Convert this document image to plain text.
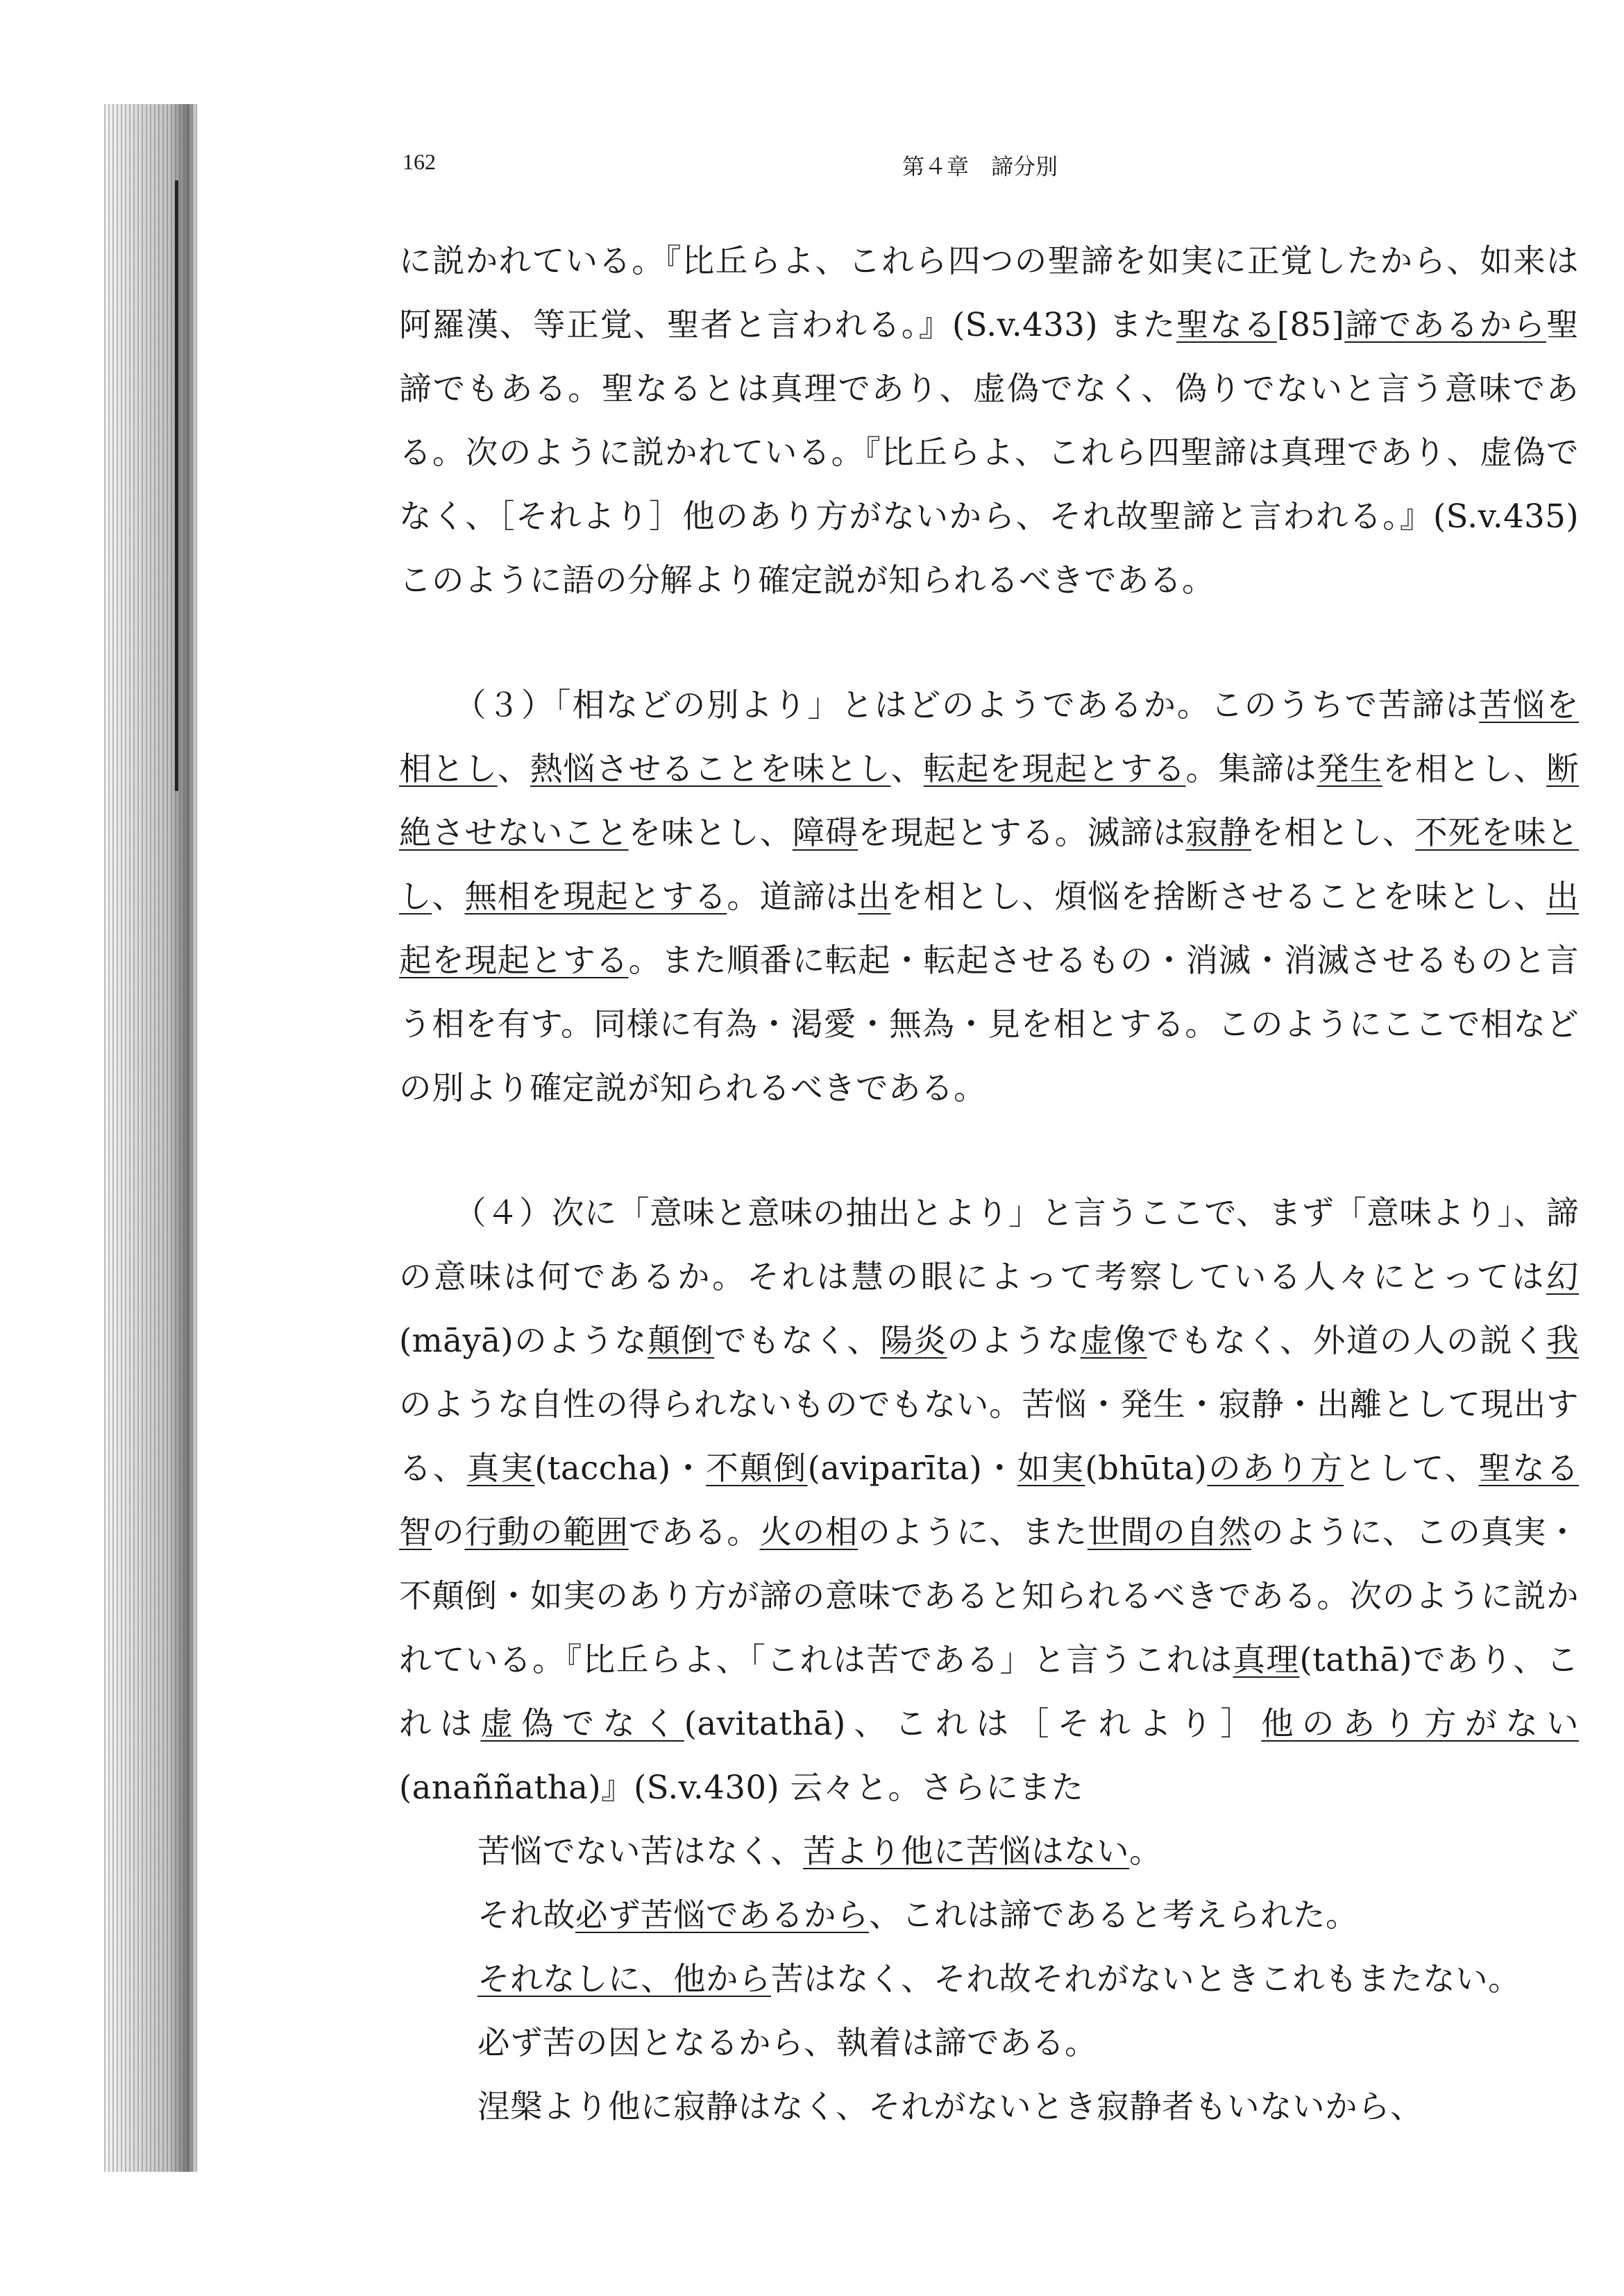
162	第４章　諦分別

に説かれている。『比丘らよ、これら四つの聖諦を如実に正覚したから、如来は阿羅漢、等正覚、聖者と言われる。』(S.v.433) また聖なる[85]諦であるから聖諦でもある。聖なるとは真理であり、虚偽でなく、偽りでないと言う意味である。次のように説かれている。『比丘らよ、これら四聖諦は真理であり、虚偽でなく、［それより］他のあり方がないから、それ故聖諦と言われる。』(S.v.435) このように語の分解より確定説が知られるべきである。

（３）「相などの別より」とはどのようであるか。このうちで苦諦は苦悩を相とし、熱悩させることを味とし、転起を現起とする。集諦は発生を相とし、断絶させないことを味とし、障碍を現起とする。滅諦は寂静を相とし、不死を味とし、無相を現起とする。道諦は出を相とし、煩悩を捨断させることを味とし、出起を現起とする。また順番に転起・転起させるもの・消滅・消滅させるものと言う相を有す。同様に有為・渇愛・無為・見を相とする。このようにここで相などの別より確定説が知られるべきである。

（４）次に「意味と意味の抽出とより」と言うここで、まず「意味より」、諦の意味は何であるか。それは慧の眼によって考察している人々にとっては幻(māyā)のような顛倒でもなく、陽炎のような虚像でもなく、外道の人の説く我のような自性の得られないものでもない。苦悩・発生・寂静・出離として現出する、真実(taccha)・不顛倒(aviparīta)・如実(bhūta)のあり方として、聖なる智の行動の範囲である。火の相のように、また世間の自然のように、この真実・不顛倒・如実のあり方が諦の意味であると知られるべきである。次のように説かれている。『比丘らよ、「これは苦である」と言うこれは真理(tathā)であり、これは虚偽でなく(avitathā)、これは［それより］他のあり方がない(anaññatha)』(S.v.430) 云々と。さらにまた

苦悩でない苦はなく、苦より他に苦悩はない。
それ故必ず苦悩であるから、これは諦であると考えられた。
それなしに、他から苦はなく、それ故それがないときこれもまたない。
必ず苦の因となるから、執着は諦である。
涅槃より他に寂静はなく、それがないとき寂静者もいないから、
